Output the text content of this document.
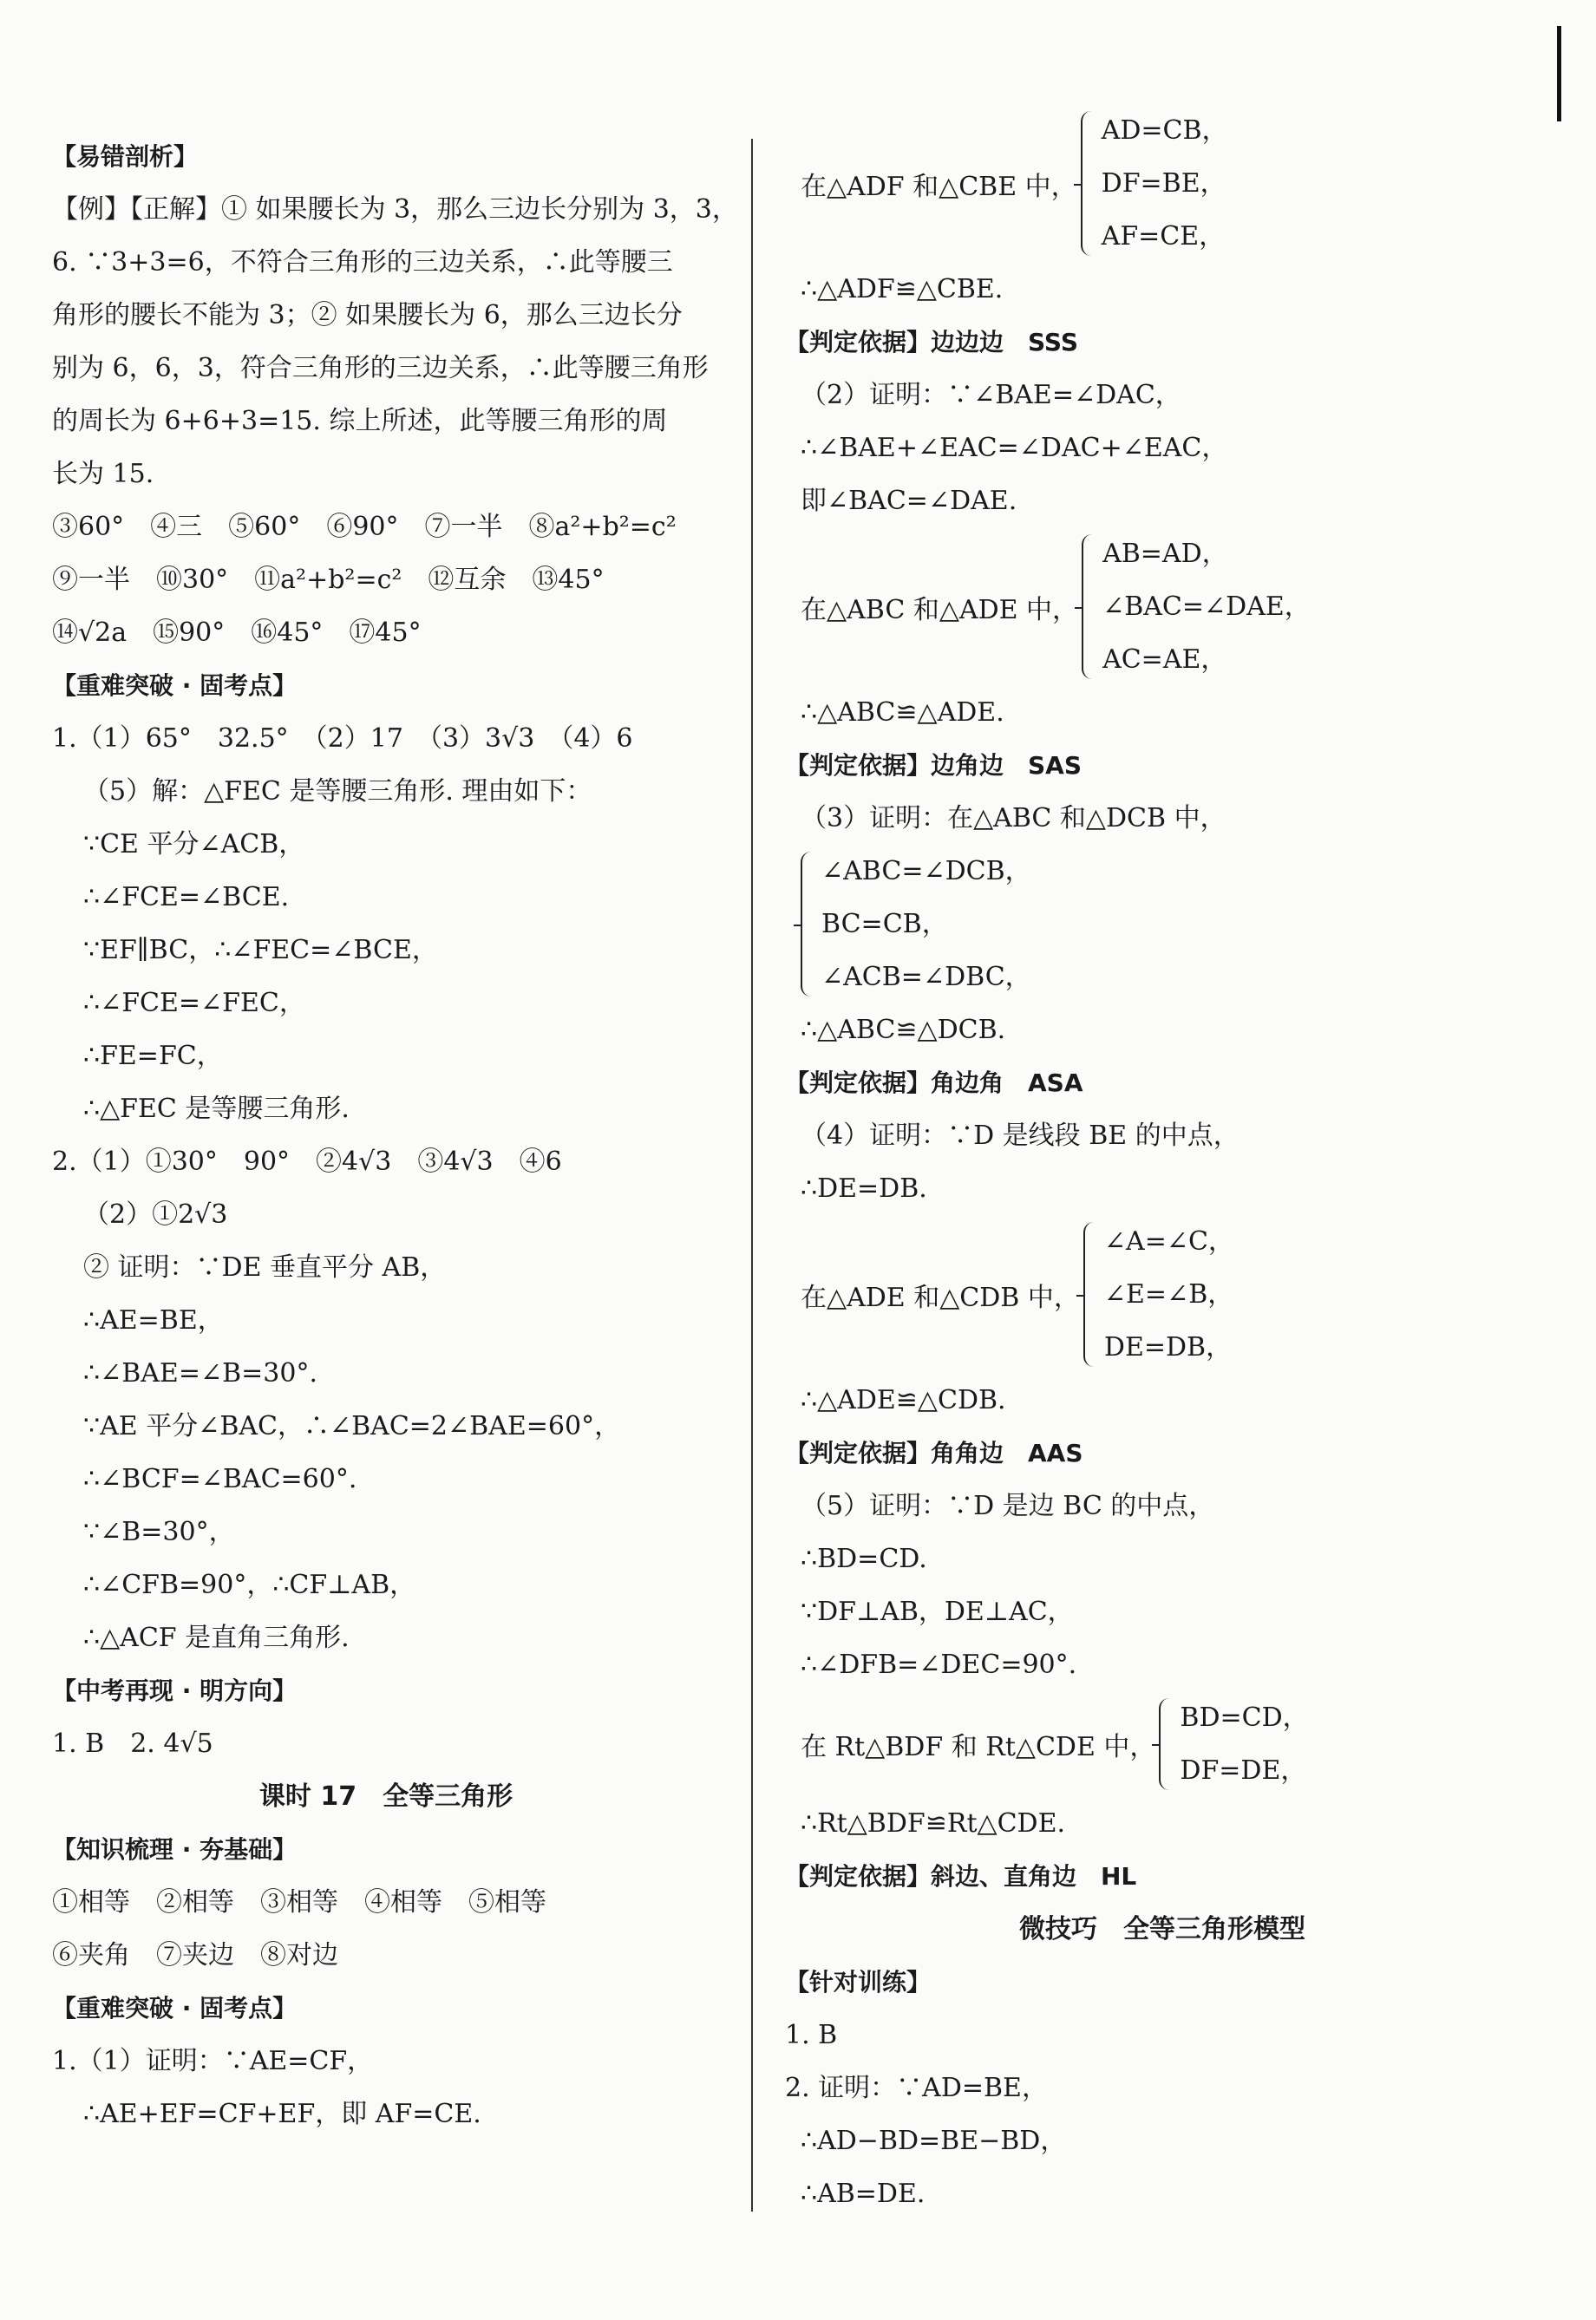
【易错剖析】
【例】【正解】① 如果腰长为 3，那么三边长分别为 3，3，
6. ∵3+3=6，不符合三角形的三边关系，∴此等腰三
角形的腰长不能为 3；② 如果腰长为 6，那么三边长分
别为 6，6，3，符合三角形的三边关系，∴此等腰三角形
的周长为 6+6+3=15. 综上所述，此等腰三角形的周
长为 15.
③60°　④三　⑤60°　⑥90°　⑦一半　⑧a²+b²=c²
⑨一半　⑩30°　⑪a²+b²=c²　⑫互余　⑬45°
⑭√2a　⑮90°　⑯45°　⑰45°
【重难突破 · 固考点】
1.（1）65°　32.5°　（2）17　（3）3√3　（4）6
（5）解：△FEC 是等腰三角形. 理由如下：
∵CE 平分∠ACB，
∴∠FCE=∠BCE.
∵EF∥BC，∴∠FEC=∠BCE，
∴∠FCE=∠FEC，
∴FE=FC，
∴△FEC 是等腰三角形.
2.（1）①30°　90°　②4√3　③4√3　④6
（2）①2√3
② 证明：∵DE 垂直平分 AB，
∴AE=BE，
∴∠BAE=∠B=30°.
∵AE 平分∠BAC，∴∠BAC=2∠BAE=60°，
∴∠BCF=∠BAC=60°.
∵∠B=30°，
∴∠CFB=90°，∴CF⊥AB，
∴△ACF 是直角三角形.
【中考再现 · 明方向】
1. B　2. 4√5
课时 17　全等三角形
【知识梳理 · 夯基础】
①相等　②相等　③相等　④相等　⑤相等
⑥夹角　⑦夹边　⑧对边
【重难突破 · 固考点】
1.（1）证明：∵AE=CF，
∴AE+EF=CF+EF，即 AF=CE.
在△ADF 和△CBE 中，
AD=CB，
DF=BE，
AF=CE，
∴△ADF≌△CBE.
【判定依据】边边边　SSS
（2）证明：∵∠BAE=∠DAC，
∴∠BAE+∠EAC=∠DAC+∠EAC，
即∠BAC=∠DAE.
在△ABC 和△ADE 中，
AB=AD，
∠BAC=∠DAE，
AC=AE，
∴△ABC≌△ADE.
【判定依据】边角边　SAS
（3）证明：在△ABC 和△DCB 中，
∠ABC=∠DCB，
BC=CB，
∠ACB=∠DBC，
∴△ABC≌△DCB.
【判定依据】角边角　ASA
（4）证明：∵D 是线段 BE 的中点，
∴DE=DB.
在△ADE 和△CDB 中，
∠A=∠C，
∠E=∠B，
DE=DB，
∴△ADE≌△CDB.
【判定依据】角角边　AAS
（5）证明：∵D 是边 BC 的中点，
∴BD=CD.
∵DF⊥AB，DE⊥AC，
∴∠DFB=∠DEC=90°.
在 Rt△BDF 和 Rt△CDE 中，
BD=CD，
DF=DE，
∴Rt△BDF≌Rt△CDE.
【判定依据】斜边、直角边　HL
微技巧　全等三角形模型
【针对训练】
1. B
2. 证明：∵AD=BE，
∴AD−BD=BE−BD，
∴AB=DE.
